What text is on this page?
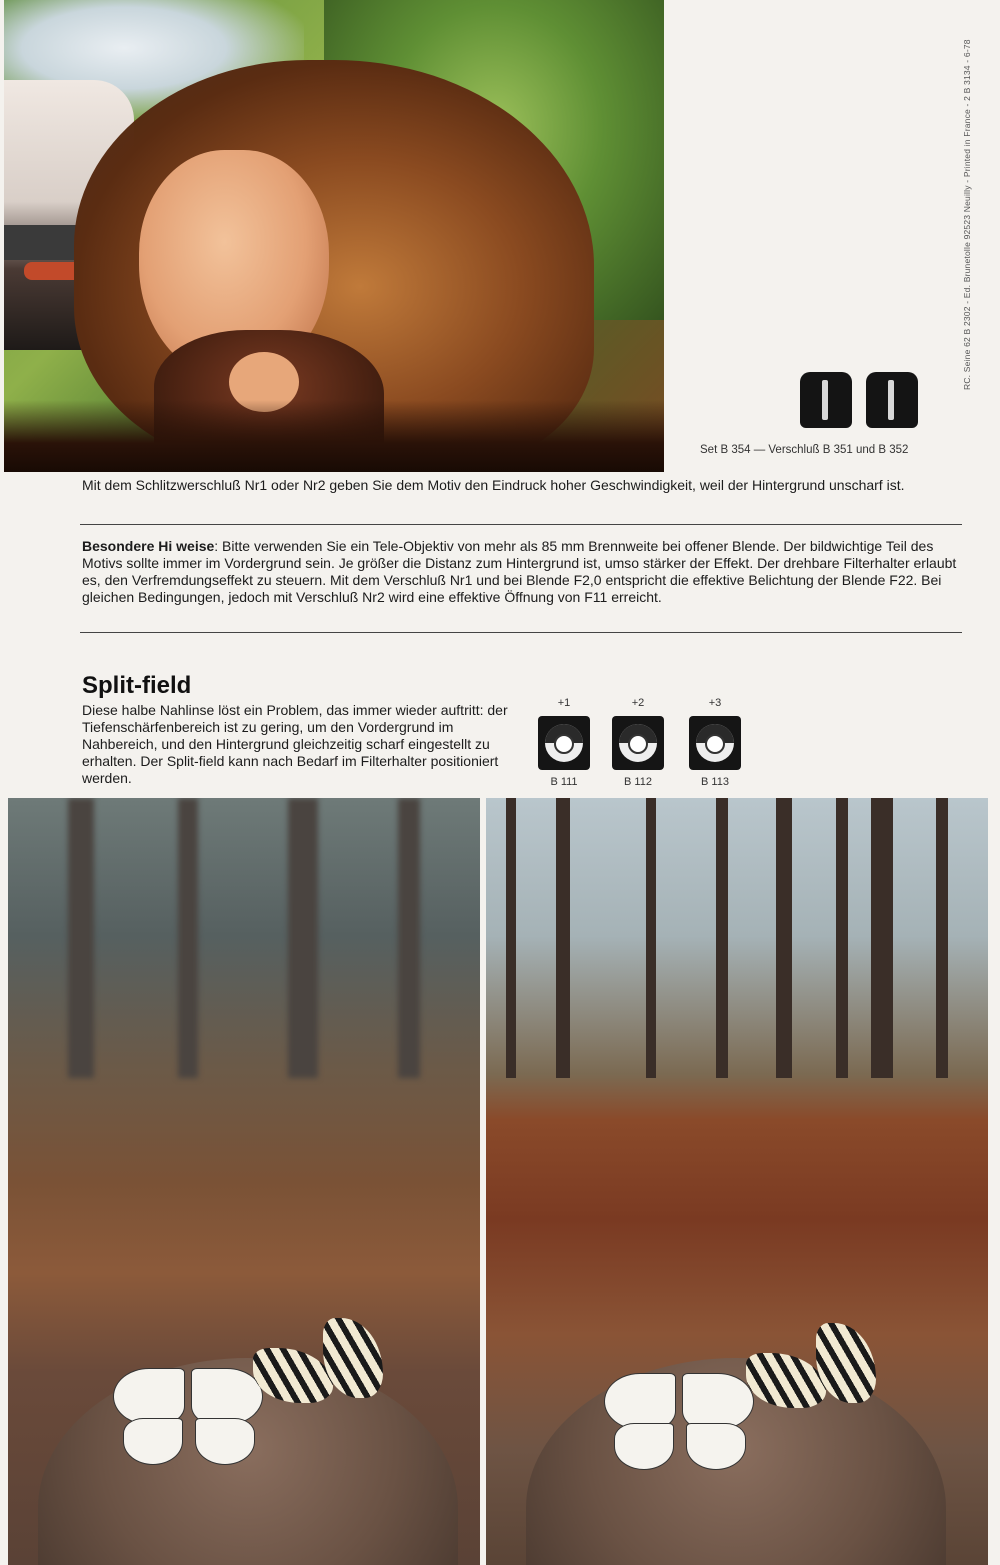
RC. Seine 62 B 2302 - Ed. Brunetolle 92523 Neuilly - Printed in France - 2 B 3134 - 6-78
Set B 354 — Verschluß B 351 und B 352
Mit dem Schlitzwerschluß Nr1 oder Nr2 geben Sie dem Motiv den Eindruck hoher Geschwindigkeit, weil der Hintergrund unscharf ist.
Besondere Hi weise: Bitte verwenden Sie ein Tele-Objektiv von mehr als 85 mm Brennweite bei offener Blende. Der bildwichtige Teil des Motivs sollte immer im Vordergrund sein. Je größer die Distanz zum Hintergrund ist, umso stärker der Effekt. Der drehbare Filterhalter erlaubt es, den Verfremdungseffekt zu steuern. Mit dem Verschluß Nr1 und bei Blende F2,0 entspricht die effektive Belichtung der Blende F22. Bei gleichen Bedingungen, jedoch mit Verschluß Nr2 wird eine effektive Öffnung von F11 erreicht.
Split-field
Diese halbe Nahlinse löst ein Problem, das immer wieder auftritt: der Tiefenschärfenbereich ist zu gering, um den Vordergrund im Nahbereich, und den Hintergrund gleichzeitig scharf eingestellt zu erhalten. Der Split-field kann nach Bedarf im Filterhalter positioniert werden.
+1
B 111
+2
B 112
+3
B 113
